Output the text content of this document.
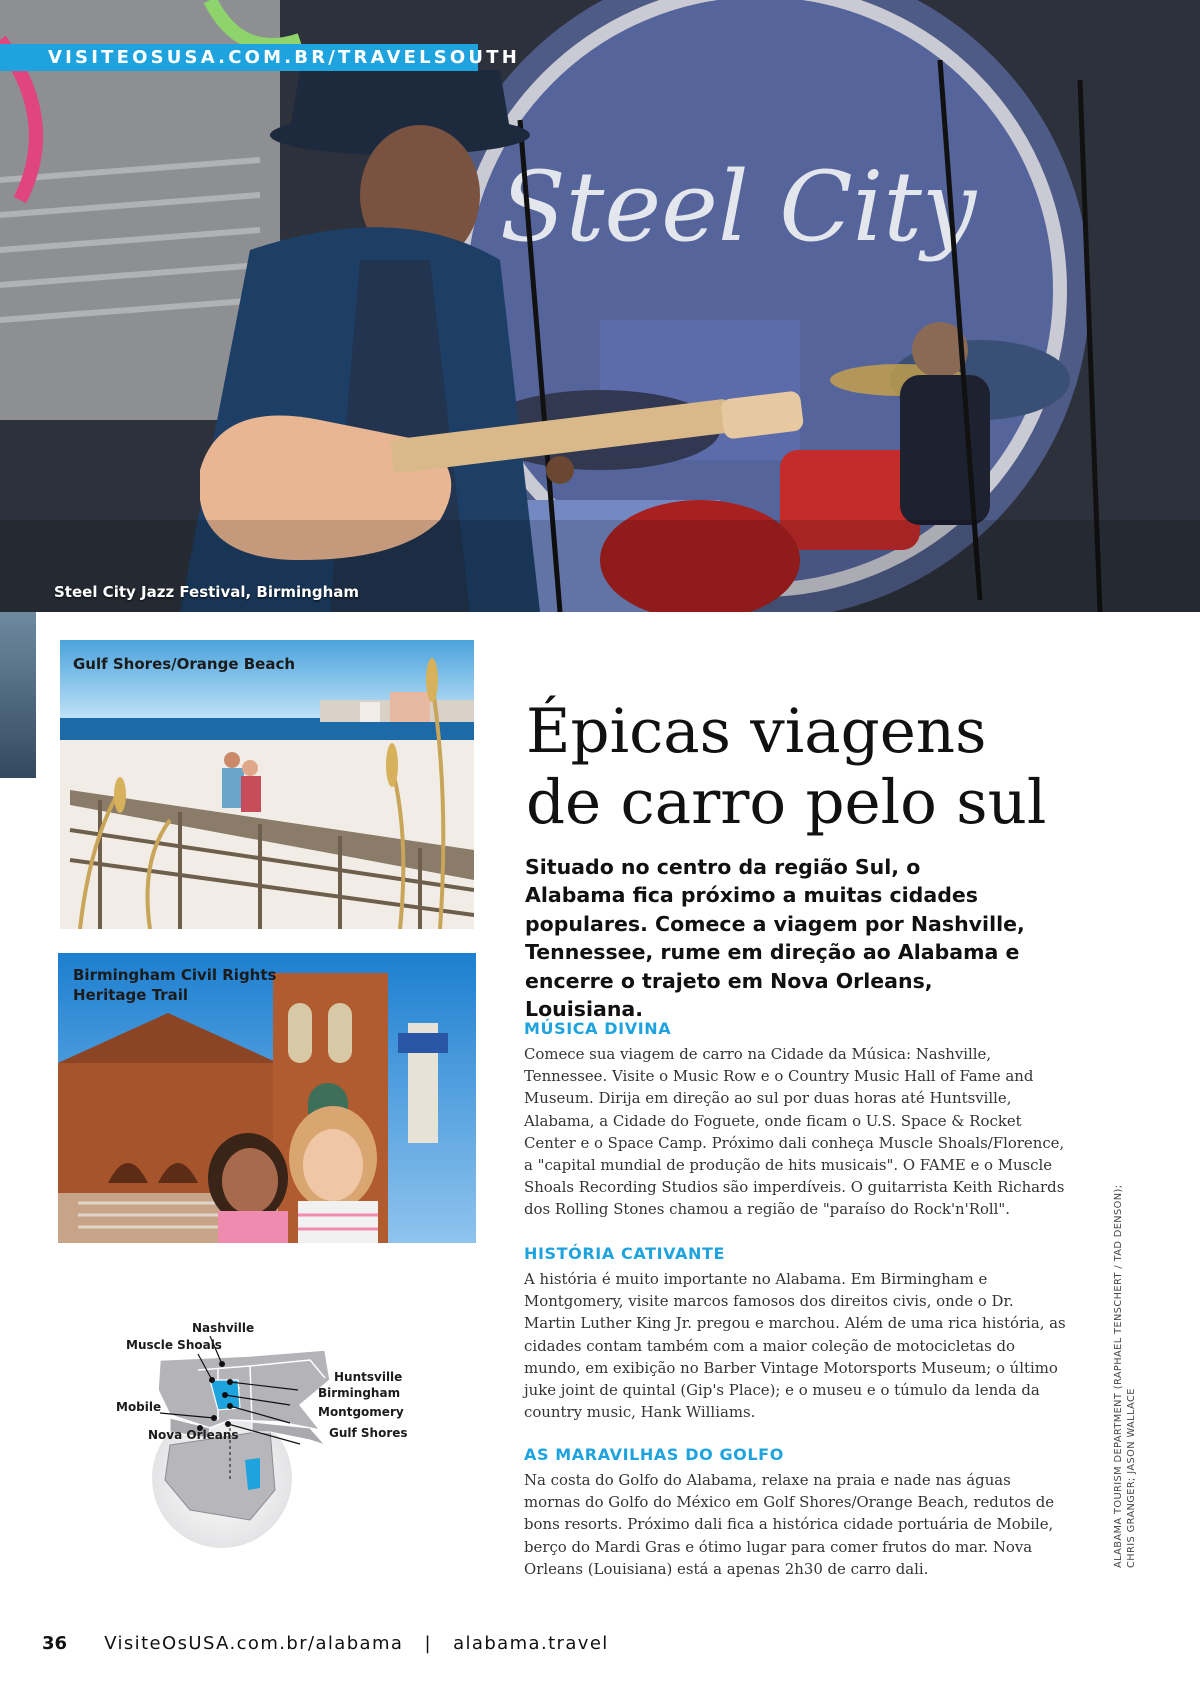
Steel City
VISITEOSUSA.COM.BR/TRAVELSOUTH
Steel City Jazz Festival, Birmingham
Gulf Shores/Orange Beach
Birmingham Civil Rights
Heritage Trail
Nashville
Muscle Shoals
Huntsville
Birmingham
Mobile	Montgomery
Nova Orleans	Gulf Shores
Épicas viagens
de carro pelo sul
Situado no centro da região Sul, o Alabama fica próximo a muitas cidades populares. Comece a viagem por Nashville, Tennessee, rume em direção ao Alabama e encerre o trajeto em Nova Orleans, Louisiana.
MÚSICA DIVINA

Comece sua viagem de carro na Cidade da Música: Nashville, Tennessee. Visite o Music Row e o Country Music Hall of Fame and Museum. Dirija em direção ao sul por duas horas até Huntsville, Alabama, a Cidade do Foguete, onde ficam o U.S. Space & Rocket Center e o Space Camp. Próximo dali conheça Muscle Shoals/Florence, a "capital mundial de produção de hits musicais". O FAME e o Muscle Shoals Recording Studios são imperdíveis. O guitarrista Keith Richards dos Rolling Stones chamou a região de "paraíso do Rock'n'Roll".

HISTÓRIA CATIVANTE

A história é muito importante no Alabama. Em Birmingham e Montgomery, visite marcos famosos dos direitos civis, onde o Dr. Martin Luther King Jr. pregou e marchou. Além de uma rica história, as cidades contam também com a maior coleção de motocicletas do mundo, em exibição no Barber Vintage Motorsports Museum; o último juke joint de quintal (Gip's Place); e o museu e o túmulo da lenda da country music, Hank Williams.

AS MARAVILHAS DO GOLFO

Na costa do Golfo do Alabama, relaxe na praia e nade nas águas mornas do Golfo do México em Golf Shores/Orange Beach, redutos de bons resorts. Próximo dali fica a histórica cidade portuária de Mobile, berço do Mardi Gras e ótimo lugar para comer frutos do mar. Nova Orleans (Louisiana) está a apenas 2h30 de carro dali.

ALABAMA TOURISM DEPARTMENT (RAPHAEL TENSCHERT / TAD DENSON); CHRIS GRANGER; JASON WALLACE
36 VisiteOsUSA.com.br/alabama | alabama.travel
